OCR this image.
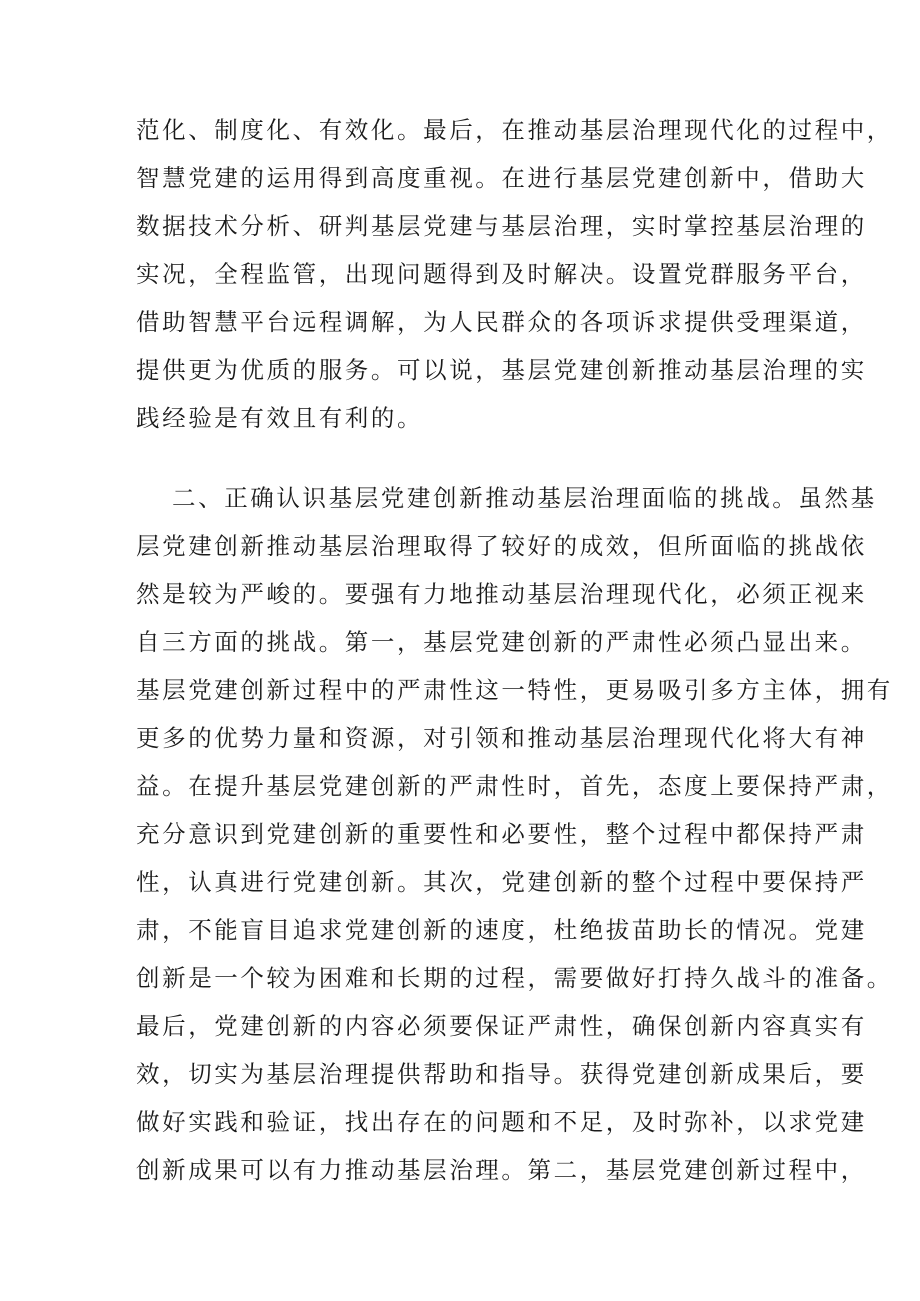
范化、制度化、有效化。最后，在推动基层治理现代化的过程中，
智慧党建的运用得到高度重视。在进行基层党建创新中，借助大
数据技术分析、研判基层党建与基层治理，实时掌控基层治理的
实况，全程监管，出现问题得到及时解决。设置党群服务平台，
借助智慧平台远程调解，为人民群众的各项诉求提供受理渠道，
提供更为优质的服务。可以说，基层党建创新推动基层治理的实
践经验是有效且有利的。
二、正确认识基层党建创新推动基层治理面临的挑战。虽然基
层党建创新推动基层治理取得了较好的成效，但所面临的挑战依
然是较为严峻的。要强有力地推动基层治理现代化，必须正视来
自三方面的挑战。第一，基层党建创新的严肃性必须凸显出来。
基层党建创新过程中的严肃性这一特性，更易吸引多方主体，拥有
更多的优势力量和资源，对引领和推动基层治理现代化将大有神
益。在提升基层党建创新的严肃性时，首先，态度上要保持严肃，
充分意识到党建创新的重要性和必要性，整个过程中都保持严肃
性，认真进行党建创新。其次，党建创新的整个过程中要保持严
肃，不能盲目追求党建创新的速度，杜绝拔苗助长的情况。党建
创新是一个较为困难和长期的过程，需要做好打持久战斗的准备。
最后，党建创新的内容必须要保证严肃性，确保创新内容真实有
效，切实为基层治理提供帮助和指导。获得党建创新成果后，要
做好实践和验证，找出存在的问题和不足，及时弥补，以求党建
创新成果可以有力推动基层治理。第二，基层党建创新过程中，
